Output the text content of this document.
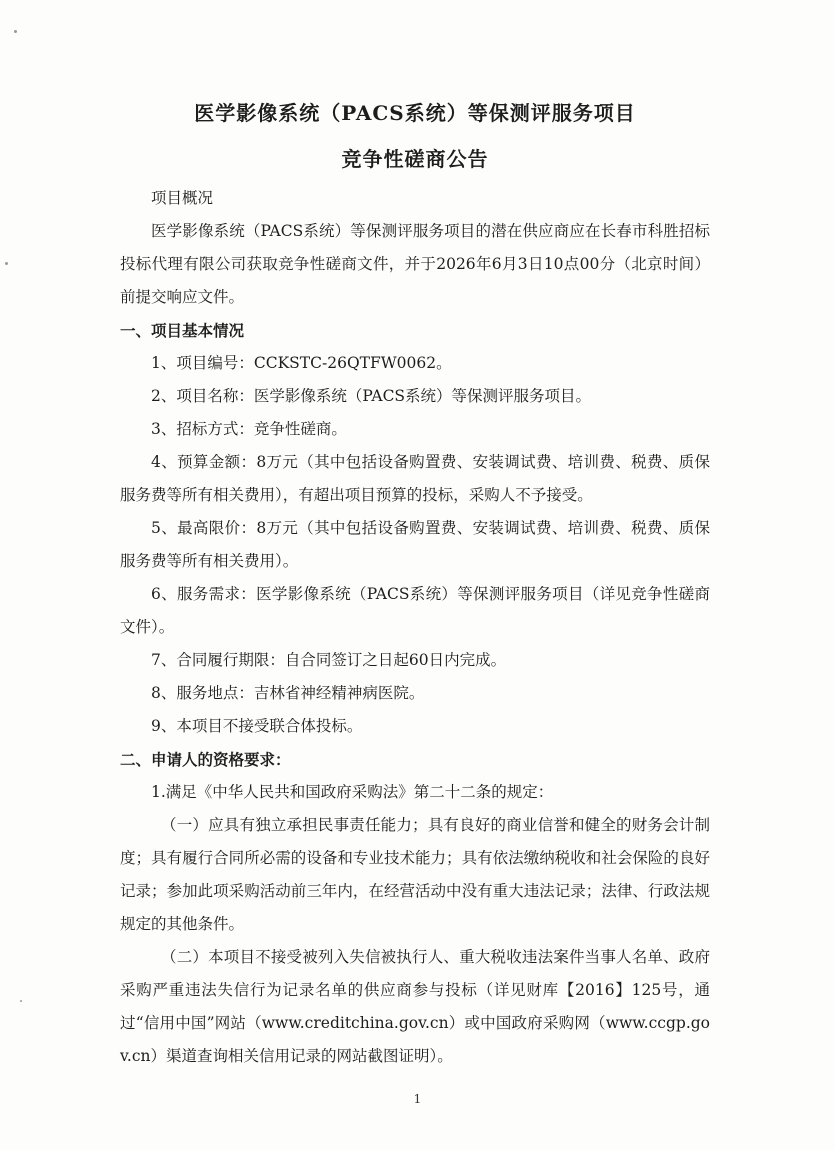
医学影像系统（PACS系统）等保测评服务项目
竞争性磋商公告

项目概况

医学影像系统（PACS系统）等保测评服务项目的潜在供应商应在长春市科胜招标投标代理有限公司获取竞争性磋商文件，并于2026年6月3日10点00分（北京时间）前提交响应文件。

一、项目基本情况

1、项目编号：CCKSTC-26QTFW0062。

2、项目名称：医学影像系统（PACS系统）等保测评服务项目。

3、招标方式：竞争性磋商。

4、预算金额：8万元（其中包括设备购置费、安装调试费、培训费、税费、质保服务费等所有相关费用），有超出项目预算的投标，采购人不予接受。

5、最高限价：8万元（其中包括设备购置费、安装调试费、培训费、税费、质保服务费等所有相关费用）。

6、服务需求：医学影像系统（PACS系统）等保测评服务项目（详见竞争性磋商文件）。

7、合同履行期限：自合同签订之日起60日内完成。

8、服务地点：吉林省神经精神病医院。

9、本项目不接受联合体投标。

二、申请人的资格要求：

1.满足《中华人民共和国政府采购法》第二十二条的规定：

（一）应具有独立承担民事责任能力；具有良好的商业信誉和健全的财务会计制度；具有履行合同所必需的设备和专业技术能力；具有依法缴纳税收和社会保险的良好记录；参加此项采购活动前三年内，在经营活动中没有重大违法记录；法律、行政法规规定的其他条件。

（二）本项目不接受被列入失信被执行人、重大税收违法案件当事人名单、政府采购严重违法失信行为记录名单的供应商参与投标（详见财库【2016】125号，通过“信用中国”网站（www.creditchina.gov.cn）或中国政府采购网（www.ccgp.gov.cn）渠道查询相关信用记录的网站截图证明）。

1
